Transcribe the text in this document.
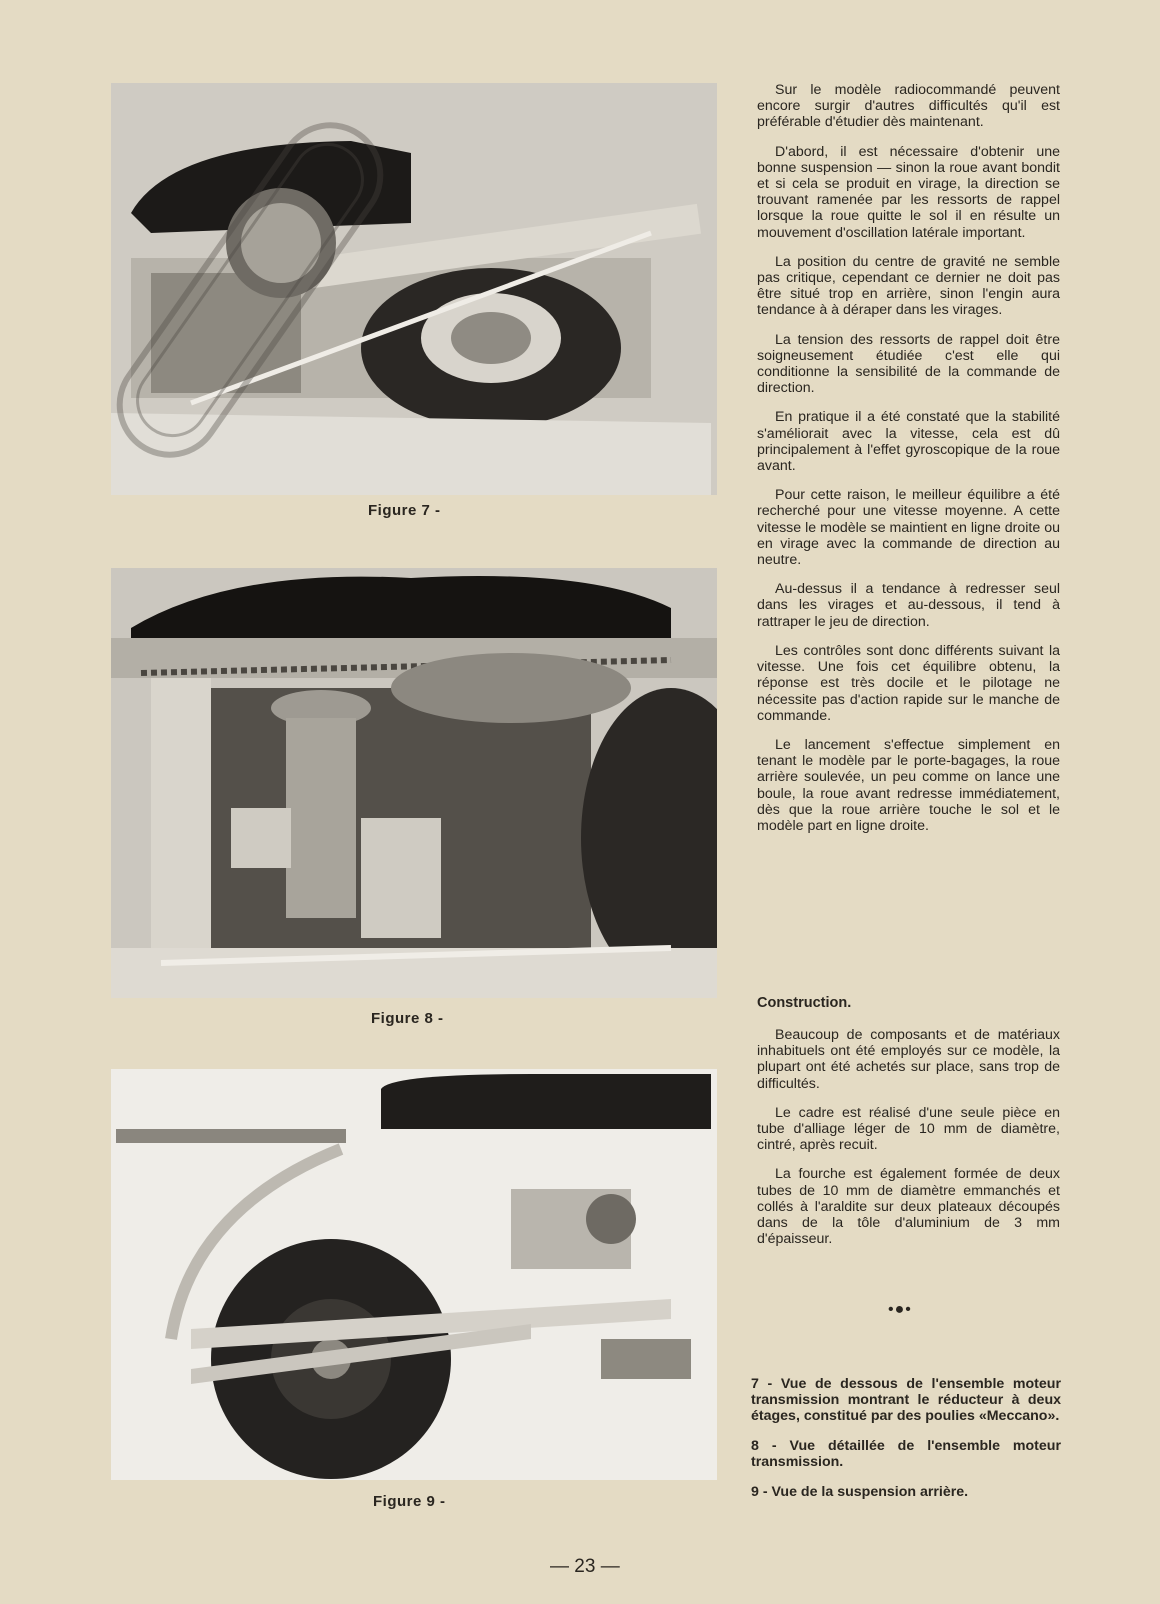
Figure 7 -
Figure 8 -
Figure 9 -

Sur le modèle radiocommandé peuvent encore surgir d'autres difficultés qu'il est préférable d'étudier dès maintenant.

D'abord, il est nécessaire d'obtenir une bonne suspension — sinon la roue avant bondit et si cela se produit en virage, la direction se trouvant ramenée par les ressorts de rappel lorsque la roue quitte le sol il en résulte un mouvement d'oscillation latérale important.

La position du centre de gravité ne semble pas critique, cependant ce dernier ne doit pas être situé trop en arrière, sinon l'engin aura tendance à à déraper dans les virages.

La tension des ressorts de rappel doit être soigneusement étudiée c'est elle qui conditionne la sensibilité de la commande de direction.

En pratique il a été constaté que la stabilité s'améliorait avec la vitesse, cela est dû principalement à l'effet gyroscopique de la roue avant.

Pour cette raison, le meilleur équilibre a été recherché pour une vitesse moyenne. A cette vitesse le modèle se maintient en ligne droite ou en virage avec la commande de direction au neutre.

Au-dessus il a tendance à redresser seul dans les virages et au-dessous, il tend à rattraper le jeu de direction.

Les contrôles sont donc différents suivant la vitesse. Une fois cet équilibre obtenu, la réponse est très docile et le pilotage ne nécessite pas d'action rapide sur le manche de commande.

Le lancement s'effectue simplement en tenant le modèle par le porte-bagages, la roue arrière soulevée, un peu comme on lance une boule, la roue avant redresse immédiatement, dès que la roue arrière touche le sol et le modèle part en ligne droite.

Construction.

Beaucoup de composants et de matériaux inhabituels ont été employés sur ce modèle, la plupart ont été achetés sur place, sans trop de difficultés.

Le cadre est réalisé d'une seule pièce en tube d'alliage léger de 10 mm de diamètre, cintré, après recuit.

La fourche est également formée de deux tubes de 10 mm de diamètre emmanchés et collés à l'araldite sur deux plateaux découpés dans de la tôle d'aluminium de 3 mm d'épaisseur.

•●•

7 - Vue de dessous de l'ensemble moteur transmission montrant le réducteur à deux étages, constitué par des poulies «Meccano».

8 - Vue détaillée de l'ensemble moteur transmission.

9 - Vue de la suspension arrière.

— 23 —
